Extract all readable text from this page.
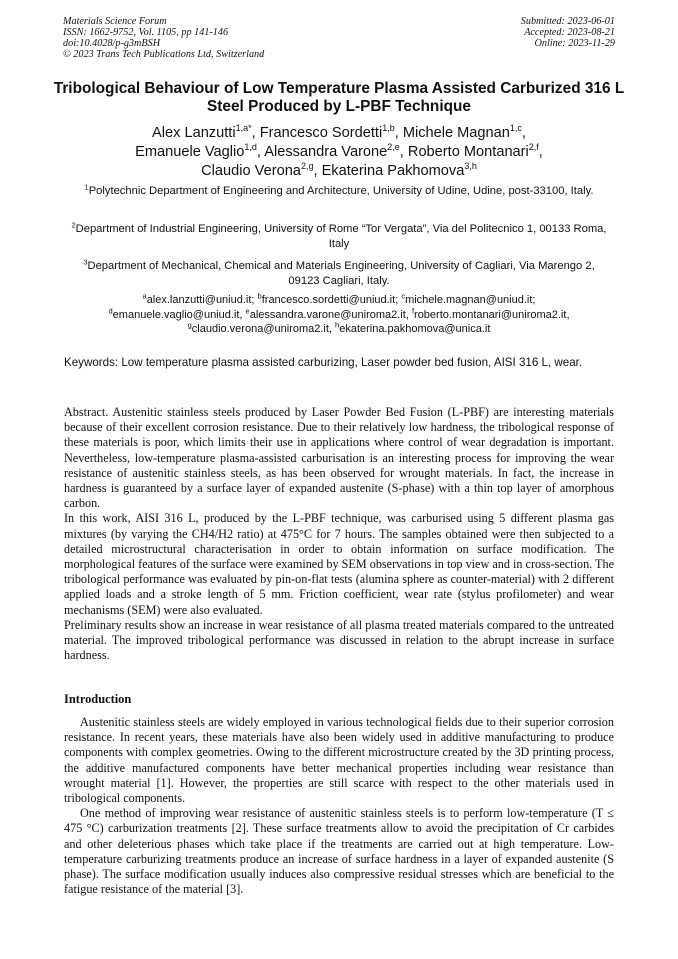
Materials Science Forum
ISSN: 1662-9752, Vol. 1105, pp 141-146
doi:10.4028/p-g3mBSH
© 2023 Trans Tech Publications Ltd, Switzerland
Submitted: 2023-06-01
Accepted: 2023-08-21
Online: 2023-11-29
Tribological Behaviour of Low Temperature Plasma Assisted Carburized 316 L Steel Produced by L-PBF Technique
Alex Lanzutti$^{1,a*}$, Francesco Sordetti$^{1,b}$, Michele Magnan$^{1,c}$,
Emanuele Vaglio$^{1,d}$, Alessandra Varone$^{2,e}$, Roberto Montanari$^{2,f}$,
Claudio Verona$^{2,g}$, Ekaterina Pakhomova$^{3,h}$
$^1$Polytechnic Department of Engineering and Architecture, University of Udine, Udine, post-33100, Italy.
$^2$Department of Industrial Engineering, University of Rome “Tor Vergata”, Via del Politecnico 1, 00133 Roma, Italy
$^3$Department of Mechanical, Chemical and Materials Engineering, University of Cagliari, Via Marengo 2, 09123 Cagliari, Italy.
$^a$alex.lanzutti@uniud.it; $^b$francesco.sordetti@uniud.it; $^c$michele.magnan@uniud.it;
$^d$emanuele.vaglio@uniud.it, $^e$alessandra.varone@uniroma2.it, $^f$roberto.montanari@uniroma2.it,
$^g$claudio.verona@uniroma2.it, $^h$ekaterina.pakhomova@unica.it
Keywords: Low temperature plasma assisted carburizing, Laser powder bed fusion, AISI 316 L, wear.

Abstract. Austenitic stainless steels produced by Laser Powder Bed Fusion (L-PBF) are interesting materials because of their excellent corrosion resistance. Due to their relatively low hardness, the tribological response of these materials is poor, which limits their use in applications where control of wear degradation is important. Nevertheless, low-temperature plasma-assisted carburisation is an interesting process for improving the wear resistance of austenitic stainless steels, as has been observed for wrought materials. In fact, the increase in hardness is guaranteed by a surface layer of expanded austenite (S-phase) with a thin top layer of amorphous carbon.

In this work, AISI 316 L, produced by the L-PBF technique, was carburised using 5 different plasma gas mixtures (by varying the CH4/H2 ratio) at 475°C for 7 hours. The samples obtained were then subjected to a detailed microstructural characterisation in order to obtain information on surface modification. The morphological features of the surface were examined by SEM observations in top view and in cross-section. The tribological performance was evaluated by pin-on-flat tests (alumina sphere as counter-material) with 2 different applied loads and a stroke length of 5 mm. Friction coefficient, wear rate (stylus profilometer) and wear mechanisms (SEM) were also evaluated.

Preliminary results show an increase in wear resistance of all plasma treated materials compared to the untreated material. The improved tribological performance was discussed in relation to the abrupt increase in surface hardness.

Introduction

Austenitic stainless steels are widely employed in various technological fields due to their superior corrosion resistance. In recent years, these materials have also been widely used in additive manufacturing to produce components with complex geometries. Owing to the different microstructure created by the 3D printing process, the additive manufactured components have better mechanical properties including wear resistance than wrought material [1]. However, the properties are still scarce with respect to the other materials used in tribological components.

One method of improving wear resistance of austenitic stainless steels is to perform low-temperature (T ≤ 475 °C) carburization treatments [2]. These surface treatments allow to avoid the precipitation of Cr carbides and other deleterious phases which take place if the treatments are carried out at high temperature. Low-temperature carburizing treatments produce an increase of surface hardness in a layer of expanded austenite (S phase). The surface modification usually induces also compressive residual stresses which are beneficial to the fatigue resistance of the material [3].
